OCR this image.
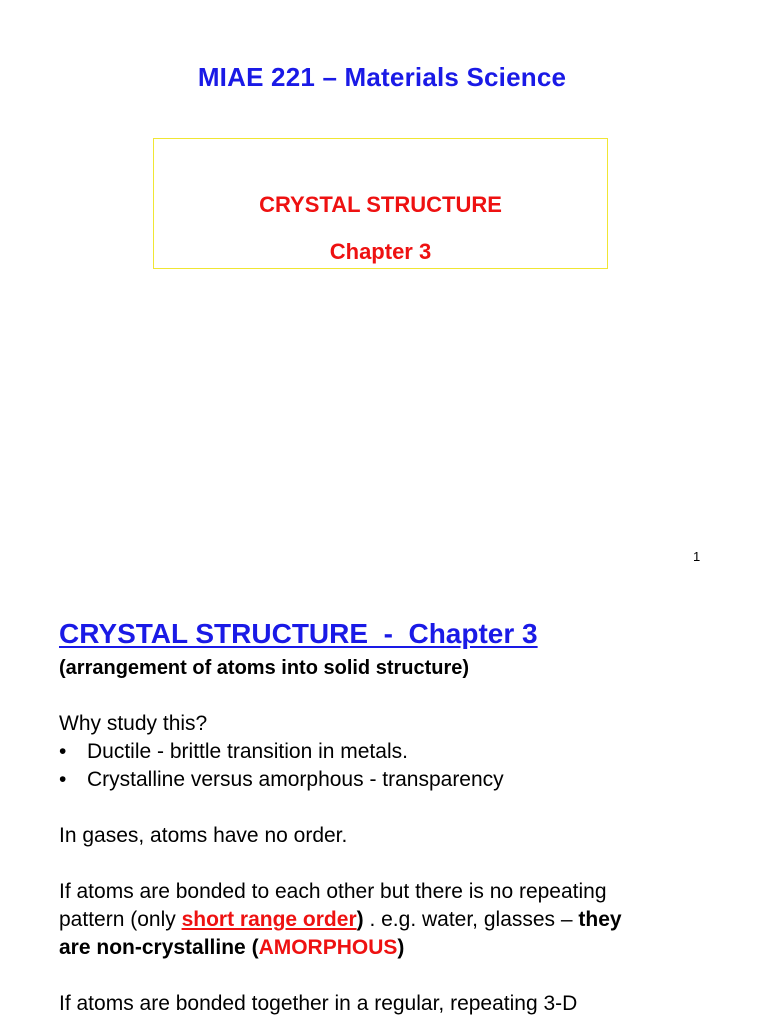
MIAE 221 – Materials Science
CRYSTAL STRUCTURE
Chapter 3
1
CRYSTAL STRUCTURE  -  Chapter 3
(arrangement of atoms into solid structure)
Why study this?
• Ductile - brittle transition in metals.
• Crystalline versus amorphous - transparency
In gases, atoms have no order.
If atoms are bonded to each other but there is no repeating
pattern (only short range order) . e.g. water, glasses – they
are non-crystalline (AMORPHOUS)
If atoms are bonded together in a regular, repeating 3-D
